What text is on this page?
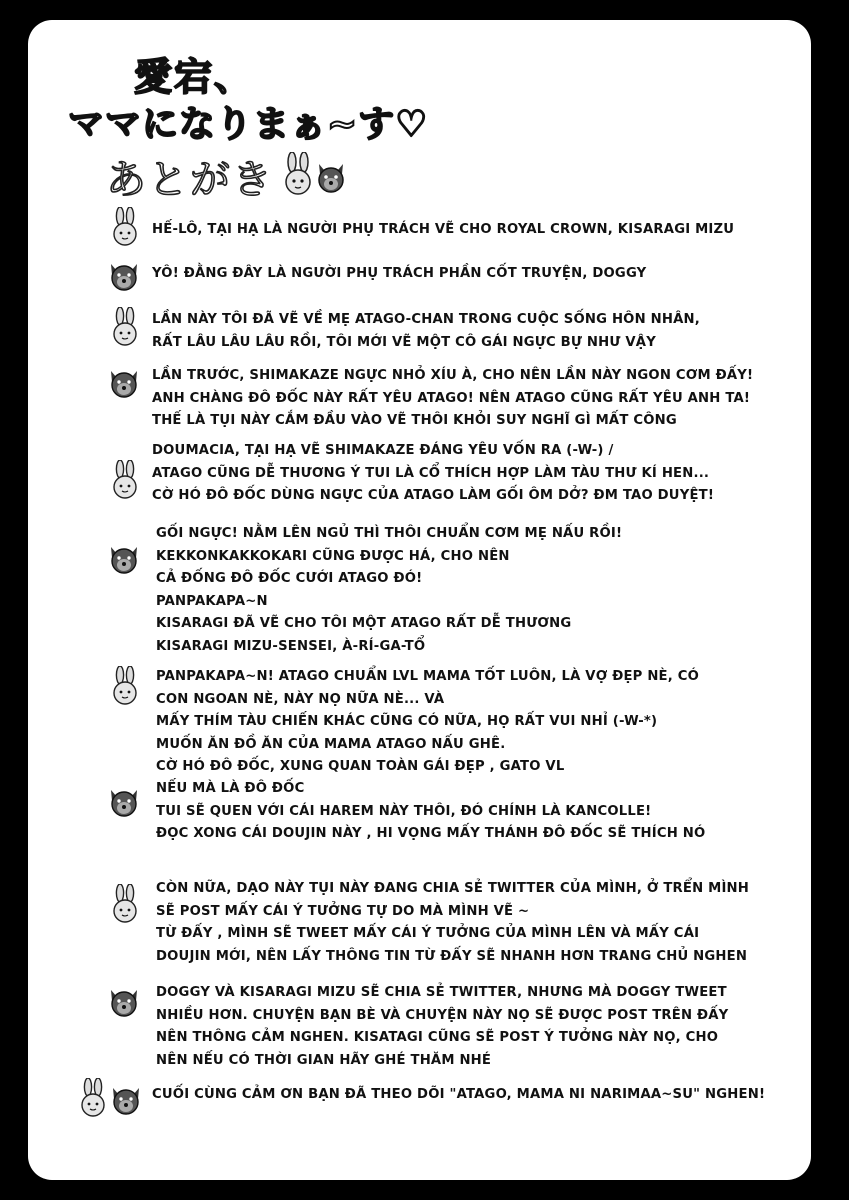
愛宕、
ママになりまぁ~す♡
あとがき
HẾ-LÔ, TẠI HẠ LÀ NGƯỜI PHỤ TRÁCH VẼ CHO ROYAL CROWN, KISARAGI MIZU
YÔ! ĐẰNG ĐÂY LÀ NGƯỜI PHỤ TRÁCH PHẦN CỐT TRUYỆN, DOGGY
LẦN NÀY TÔI ĐÃ VẼ VỀ MẸ ATAGO-CHAN TRONG CUỘC SỐNG HÔN NHÂN,
RẤT LÂU LÂU LÂU RỒI, TÔI MỚI VẼ MỘT CÔ GÁI NGỰC BỰ NHƯ VẬY
LẦN TRƯỚC, SHIMAKAZE NGỰC NHỎ XÍU À, CHO NÊN LẦN NÀY NGON CƠM ĐẤY!
ANH CHÀNG ĐÔ ĐỐC NÀY RẤT YÊU ATAGO! NÊN ATAGO CŨNG RẤT YÊU ANH TA!
THẾ LÀ TỤI NÀY CẮM ĐẦU VÀO VẼ THÔI KHỎI SUY NGHĨ GÌ MẤT CÔNG
DOUMACIA, TẠI HẠ VẼ SHIMAKAZE ĐÁNG YÊU VỐN RA (-W-) /
ATAGO CŨNG DỄ THƯƠNG Ý TUI LÀ CỔ THÍCH HỢP LÀM TÀU THƯ KÍ HEN...
CỜ HÓ ĐÔ ĐỐC DÙNG NGỰC CỦA ATAGO LÀM GỐI ÔM DỞ? ĐM TAO DUYỆT!
GỐI NGỰC! NẰM LÊN NGỦ THÌ THÔI CHUẨN CƠM MẸ NẤU RỒI!
KEKKONKAKKOKARI CŨNG ĐƯỢC HÁ, CHO NÊN
CẢ ĐỐNG ĐÔ ĐỐC CƯỚI ATAGO ĐÓ!
PANPAKAPA~N
KISARAGI ĐÃ VẼ CHO TÔI MỘT ATAGO RẤT DỄ THƯƠNG
KISARAGI MIZU-SENSEI, À-RÍ-GA-TỔ
PANPAKAPA~N! ATAGO CHUẨN LVL MAMA TỐT LUÔN, LÀ VỢ ĐẸP NÈ, CÓ
CON NGOAN NÈ, NÀY NỌ NỮA NÈ... VÀ
MẤY THÍM TÀU CHIẾN KHÁC CŨNG CÓ NỮA, HỌ RẤT VUI NHỈ (-W-*)
MUỐN ĂN ĐỒ ĂN CỦA MAMA ATAGO NẤU GHÊ.
CỜ HÓ ĐÔ ĐỐC, XUNG QUAN TOÀN GÁI ĐẸP , GATO VL
NẾU MÀ LÀ ĐÔ ĐỐC
TUI SẼ QUEN VỚI CÁI HAREM NÀY THÔI, ĐÓ CHÍNH LÀ KANCOLLE!
ĐỌC XONG CÁI DOUJIN NÀY , HI VỌNG MẤY THÁNH ĐÔ ĐỐC SẼ THÍCH NÓ
CÒN NỮA, DẠO NÀY TỤI NÀY ĐANG CHIA SẺ TWITTER CỦA MÌNH, Ở TRỂN MÌNH
SẼ POST MẤY CÁI Ý TƯỞNG TỰ DO MÀ MÌNH VẼ ~
TỪ ĐẤY , MÌNH SẼ TWEET MẤY CÁI Ý TƯỞNG CỦA MÌNH LÊN VÀ MẤY CÁI
DOUJIN MỚI, NÊN LẤY THÔNG TIN TỪ ĐẤY SẼ NHANH HƠN TRANG CHỦ NGHEN
DOGGY VÀ KISARAGI MIZU SẼ CHIA SẺ TWITTER, NHƯNG MÀ DOGGY TWEET
NHIỀU HƠN. CHUYỆN BẠN BÈ VÀ CHUYỆN NÀY NỌ SẼ ĐƯỢC POST TRÊN ĐẤY
NÊN THÔNG CẢM NGHEN. KISATAGI CŨNG SẼ POST Ý TƯỞNG NÀY NỌ, CHO
NÊN NẾU CÓ THỜI GIAN HÃY GHÉ THĂM NHÉ
CUỐI CÙNG CẢM ƠN BẠN ĐÃ THEO DÕI "ATAGO, MAMA NI NARIMAA~SU" NGHEN!
